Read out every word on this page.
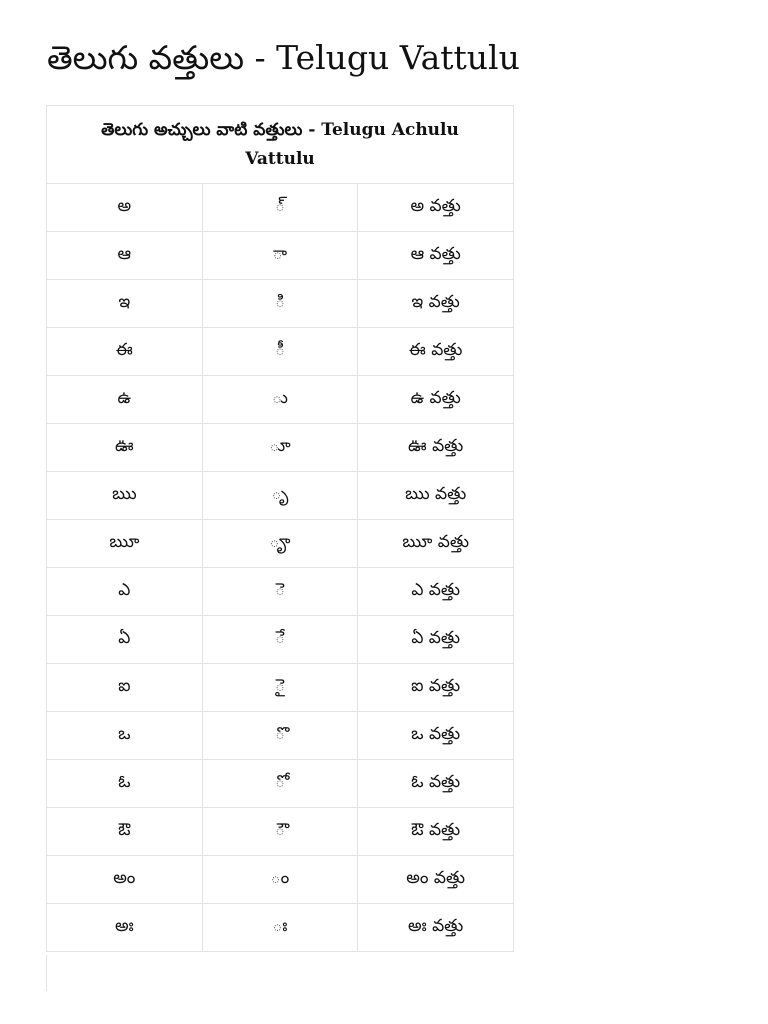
తెలుగు వత్తులు - Telugu Vattulu
తెలుగు అచ్చులు వాటి వత్తులు - Telugu Achulu Vattulu		
అ	్	అ వత్తు
ఆ	ా	ఆ వత్తు
ఇ	ి	ఇ వత్తు
ఈ	ీ	ఈ వత్తు
ఉ	ు	ఉ వత్తు
ఊ	ూ	ఊ వత్తు
ఋ	ృ	ఋ వత్తు
ౠ	ౄ	ౠ వత్తు
ఎ	ె	ఎ వత్తు
ఏ	ే	ఏ వత్తు
ఐ	ై	ఐ వత్తు
ఒ	ొ	ఒ వత్తు
ఓ	ో	ఓ వత్తు
ఔ	ౌ	ఔ వత్తు
అం	ం	అం వత్తు
అః	ః	అః వత్తు
